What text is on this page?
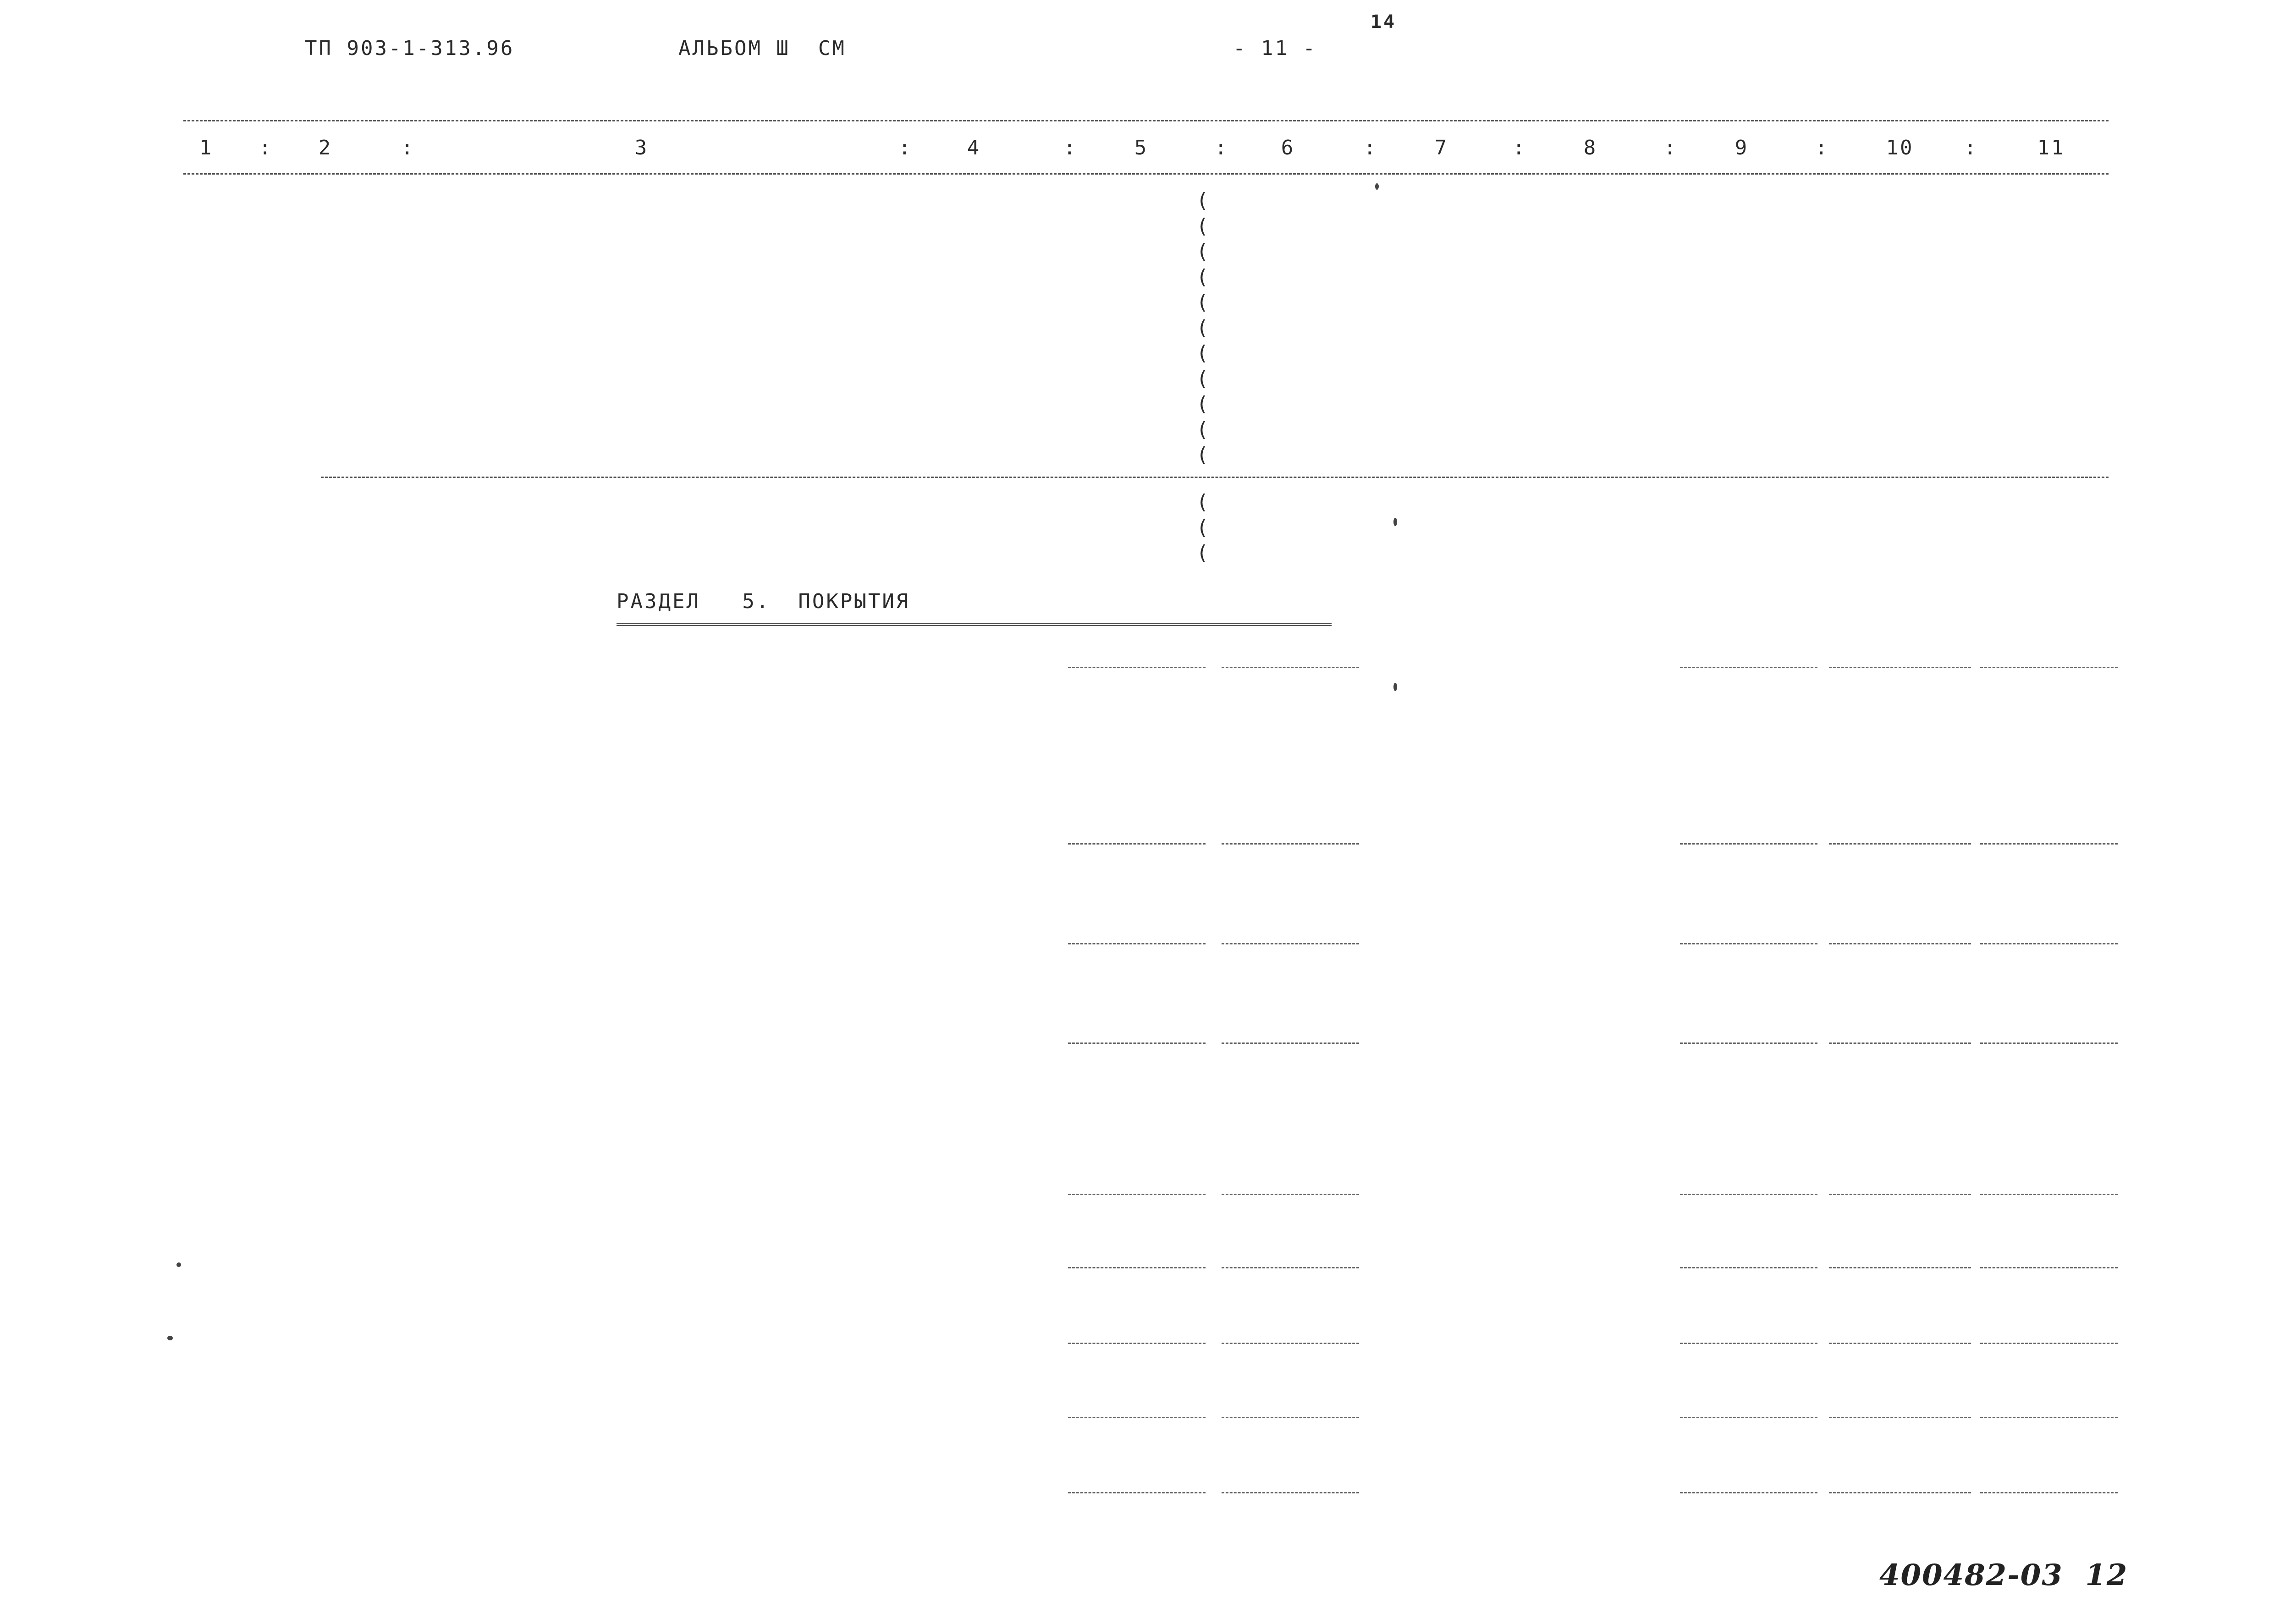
ТП 903-1-313.96	АЛЬБОМ Ш  СМ	- 11 -
14
1	2	3	4	5	6	7	8	9	10	11
:	:	:	:	:	:	:	:	:	:
(
(
(
(
(
(
(
(
(
(
(
(
(
(
РАЗДЕЛ   5.  ПОКРЫТИЯ
400482-03  12
